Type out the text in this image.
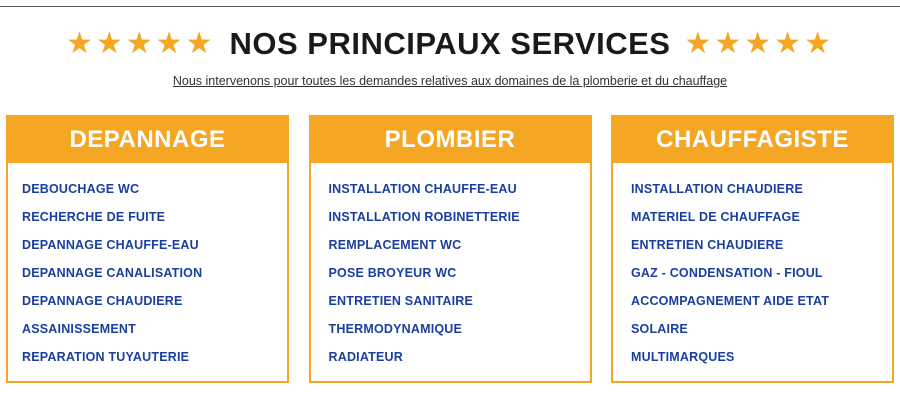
★★★★★ NOS PRINCIPAUX SERVICES ★★★★★
Nous intervenons pour toutes les demandes relatives aux domaines de la plomberie et du chauffage
DEPANNAGE
DEBOUCHAGE WC
RECHERCHE DE FUITE
DEPANNAGE CHAUFFE-EAU
DEPANNAGE CANALISATION
DEPANNAGE CHAUDIERE
ASSAINISSEMENT
REPARATION TUYAUTERIE
PLOMBIER
INSTALLATION CHAUFFE-EAU
INSTALLATION ROBINETTERIE
REMPLACEMENT WC
POSE BROYEUR WC
ENTRETIEN SANITAIRE
THERMODYNAMIQUE
RADIATEUR
CHAUFFAGISTE
INSTALLATION CHAUDIERE
MATERIEL DE CHAUFFAGE
ENTRETIEN CHAUDIERE
GAZ - CONDENSATION - FIOUL
ACCOMPAGNEMENT AIDE ETAT
SOLAIRE
MULTIMARQUES
